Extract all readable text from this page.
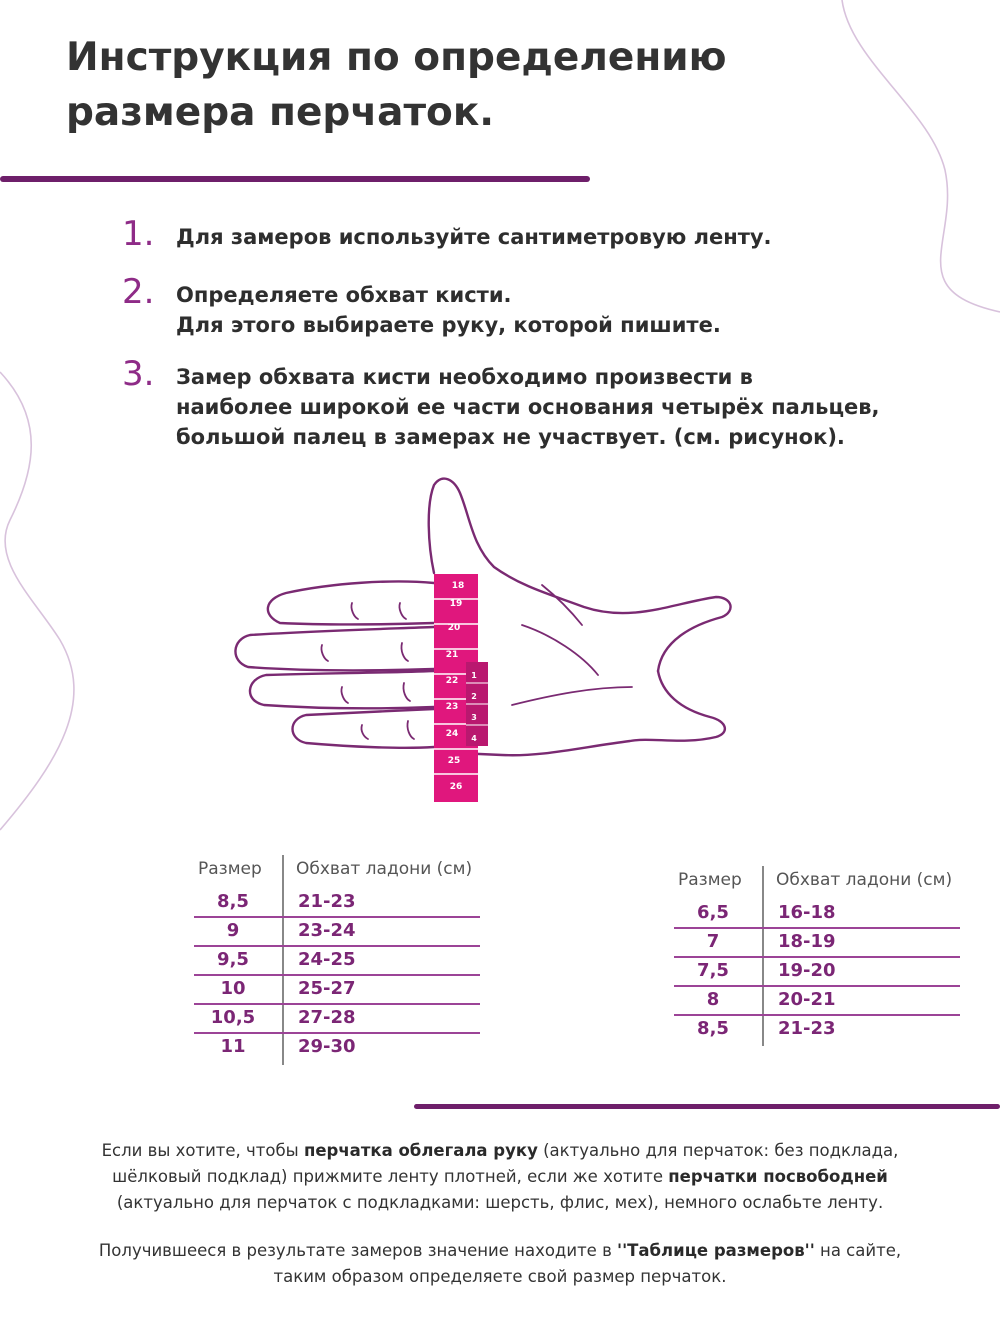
Инструкция по определению
размера перчаток.
1. Для замеров используйте сантиметровую ленту.
2. Определяете обхват кисти.
Для этого выбираете руку, которой пишите.
3. Замер обхвата кисти необходимо произвести в
наиболее широкой ее части основания четырёх пальцев,
большой палец в замерах не участвует. (см. рисунок).
18
19
20
21
22
23
24
25
26
1
2
3
4
Размер Обхват ладони (см)
8,5	21-23
9	23-24
9,5	24-25
10	25-27
10,5	27-28
11	29-30
Размер Обхват ладони (см)
6,5	16-18
7	18-19
7,5	19-20
8	20-21
8,5	21-23
Если вы хотите, чтобы перчатка облегала руку (актуально для перчаток: без подклада,
шёлковый подклад) прижмите ленту плотней, если же хотите перчатки посвободней
(актуально для перчаток с подкладками: шерсть, флис, мех), немного ослабьте ленту.
Получившееся в результате замеров значение находите в ''Таблице размеров'' на сайте,
таким образом определяете свой размер перчаток.
